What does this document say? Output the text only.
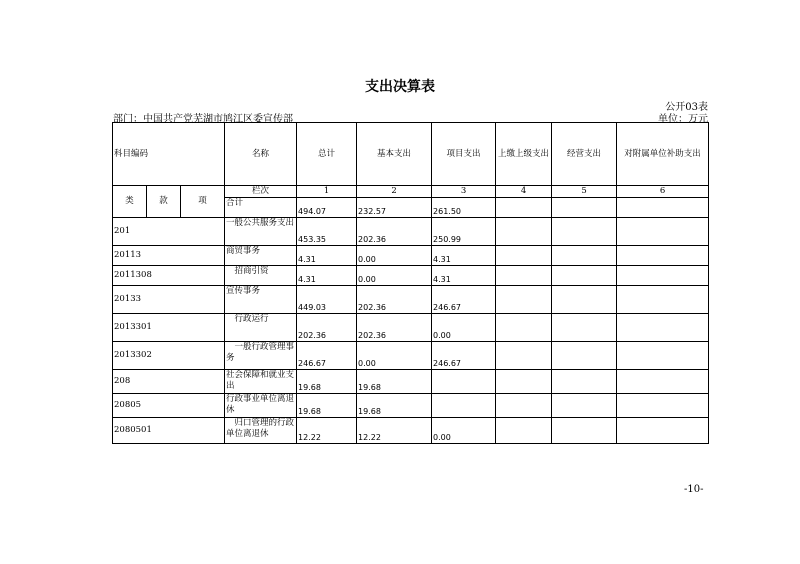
支出决算表
公开03表
部门：中国共产党芜湖市鸠江区委宣传部	单位：万元
科目编码			名称	总计	基本支出	项目支出	上缴上级支出	经营支出	对附属单位补助支出
类	款	项	栏次	1	2	3	4	5	6
			合计	494.07	232.57	261.50			
201			一般公共服务支出	453.35	202.36	250.99			
20113			商贸事务	4.31	0.00	4.31			
2011308			　招商引资	4.31	0.00	4.31			
20133			宣传事务	449.03	202.36	246.67			
2013301			　行政运行	202.36	202.36	0.00			
2013302			　一般行政管理事务	246.67	0.00	246.67			
208			社会保障和就业支出	19.68	19.68				
20805			行政事业单位离退休	19.68	19.68				
2080501			　归口管理的行政单位离退休	12.22	12.22	0.00			
-10-
